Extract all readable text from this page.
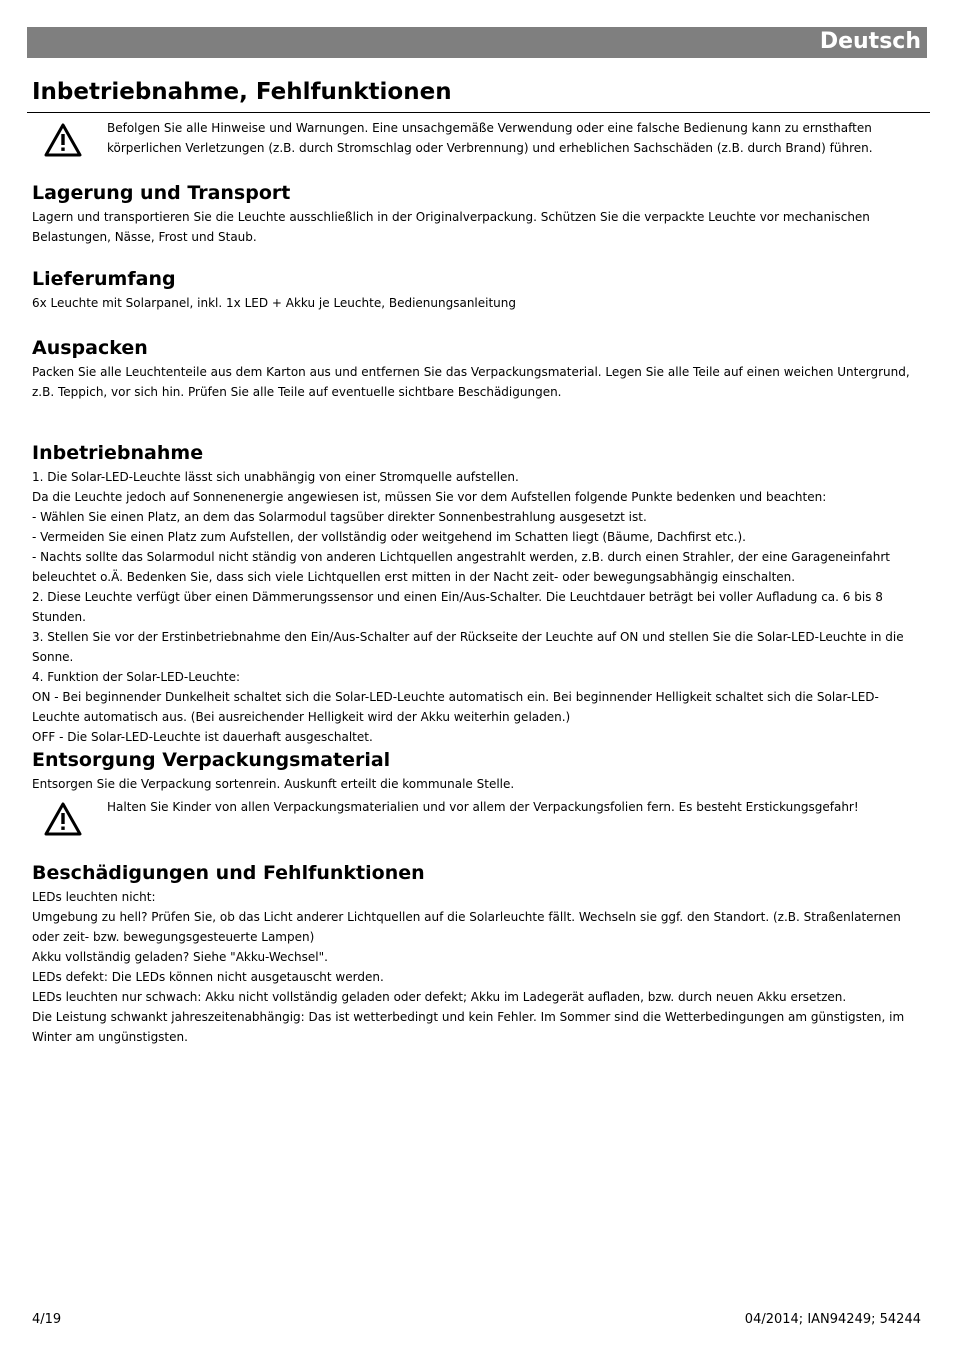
Deutsch
Inbetriebnahme, Fehlfunktionen
Befolgen Sie alle Hinweise und Warnungen. Eine unsachgemäße Verwendung oder eine falsche Bedienung kann zu ernsthaften körperlichen Verletzungen (z.B. durch Stromschlag oder Verbrennung) und erheblichen Sachschäden (z.B. durch Brand) führen.
Lagerung und Transport
Lagern und transportieren Sie die Leuchte ausschließlich in der Originalverpackung. Schützen Sie die verpackte Leuchte vor mechanischen Belastungen, Nässe, Frost und Staub.
Lieferumfang
6x Leuchte mit Solarpanel, inkl. 1x LED + Akku je Leuchte, Bedienungsanleitung
Auspacken
Packen Sie alle Leuchtenteile aus dem Karton aus und entfernen Sie das Verpackungsmaterial. Legen Sie alle Teile auf einen weichen Untergrund, z.B. Teppich, vor sich hin. Prüfen Sie alle Teile auf eventuelle sichtbare Beschädigungen.
Inbetriebnahme
1. Die Solar-LED-Leuchte lässt sich unabhängig von einer Stromquelle aufstellen.
Da die Leuchte jedoch auf Sonnenenergie angewiesen ist, müssen Sie vor dem Aufstellen folgende Punkte bedenken und beachten:
- Wählen Sie einen Platz, an dem das Solarmodul tagsüber direkter Sonnenbestrahlung ausgesetzt ist.
- Vermeiden Sie einen Platz zum Aufstellen, der vollständig oder weitgehend im Schatten liegt (Bäume, Dachfirst etc.).
- Nachts sollte das Solarmodul nicht ständig von anderen Lichtquellen angestrahlt werden, z.B. durch einen Strahler, der eine Garageneinfahrt beleuchtet o.Ä. Bedenken Sie, dass sich viele Lichtquellen erst mitten in der Nacht zeit- oder bewegungsabhängig einschalten.
2. Diese Leuchte verfügt über einen Dämmerungssensor und einen Ein/Aus-Schalter. Die Leuchtdauer beträgt bei voller Aufladung ca. 6 bis 8 Stunden.
3. Stellen Sie vor der Erstinbetriebnahme den Ein/Aus-Schalter auf der Rückseite der Leuchte auf ON und stellen Sie die Solar-LED-Leuchte in die Sonne.
4. Funktion der Solar-LED-Leuchte:
ON - Bei beginnender Dunkelheit schaltet sich die Solar-LED-Leuchte automatisch ein. Bei beginnender Helligkeit schaltet sich die Solar-LED-Leuchte automatisch aus. (Bei ausreichender Helligkeit wird der Akku weiterhin geladen.)
OFF - Die Solar-LED-Leuchte ist dauerhaft ausgeschaltet.
Entsorgung Verpackungsmaterial
Entsorgen Sie die Verpackung sortenrein. Auskunft erteilt die kommunale Stelle.
Halten Sie Kinder von allen Verpackungsmaterialien und vor allem der Verpackungsfolien fern. Es besteht Erstickungsgefahr!
Beschädigungen und Fehlfunktionen
LEDs leuchten nicht:
Umgebung zu hell? Prüfen Sie, ob das Licht anderer Lichtquellen auf die Solarleuchte fällt. Wechseln sie ggf. den Standort. (z.B. Straßenlaternen oder zeit- bzw. bewegungsgesteuerte Lampen)
Akku vollständig geladen? Siehe "Akku-Wechsel".
LEDs defekt: Die LEDs können nicht ausgetauscht werden.
LEDs leuchten nur schwach: Akku nicht vollständig geladen oder defekt; Akku im Ladegerät aufladen, bzw. durch neuen Akku ersetzen.
Die Leistung schwankt jahreszeitenabhängig: Das ist wetterbedingt und kein Fehler. Im Sommer sind die Wetterbedingungen am günstigsten, im Winter am ungünstigsten.
4/19	04/2014; IAN94249; 54244
